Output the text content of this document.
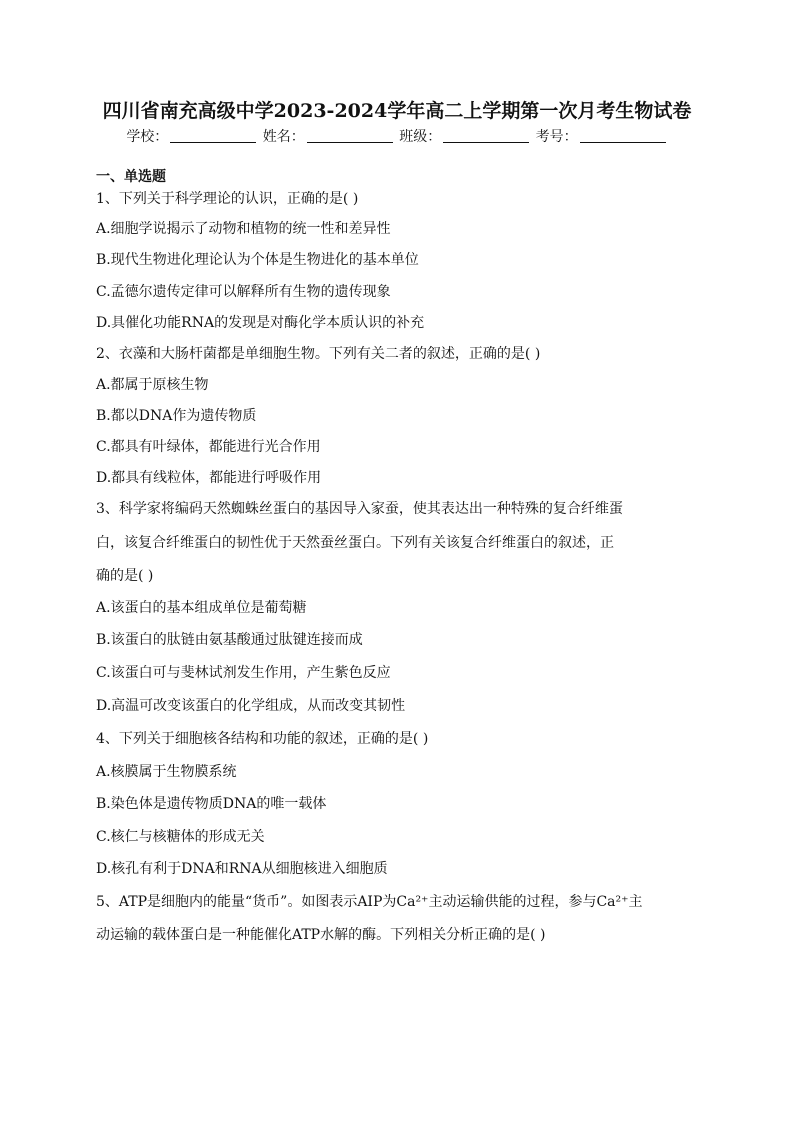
四川省南充高级中学2023-2024学年高二上学期第一次月考生物试卷
学校：	姓名：	班级：	考号：
一、单选题
1、下列关于科学理论的认识，正确的是( )
A.细胞学说揭示了动物和植物的统一性和差异性
B.现代生物进化理论认为个体是生物进化的基本单位
C.孟德尔遗传定律可以解释所有生物的遗传现象
D.具催化功能RNA的发现是对酶化学本质认识的补充
2、衣藻和大肠杆菌都是单细胞生物。下列有关二者的叙述，正确的是( )
A.都属于原核生物
B.都以DNA作为遗传物质
C.都具有叶绿体，都能进行光合作用
D.都具有线粒体，都能进行呼吸作用
3、科学家将编码天然蜘蛛丝蛋白的基因导入家蚕，使其表达出一种特殊的复合纤维蛋
白，该复合纤维蛋白的韧性优于天然蚕丝蛋白。下列有关该复合纤维蛋白的叙述，正
确的是( )
A.该蛋白的基本组成单位是葡萄糖
B.该蛋白的肽链由氨基酸通过肽键连接而成
C.该蛋白可与斐林试剂发生作用，产生紫色反应
D.高温可改变该蛋白的化学组成，从而改变其韧性
4、下列关于细胞核各结构和功能的叙述，正确的是( )
A.核膜属于生物膜系统
B.染色体是遗传物质DNA的唯一载体
C.核仁与核糖体的形成无关
D.核孔有利于DNA和RNA从细胞核进入细胞质
5、ATP是细胞内的能量“货币”。如图表示AIP为Ca²⁺主动运输供能的过程，参与Ca²⁺主
动运输的载体蛋白是一种能催化ATP水解的酶。下列相关分析正确的是( )
